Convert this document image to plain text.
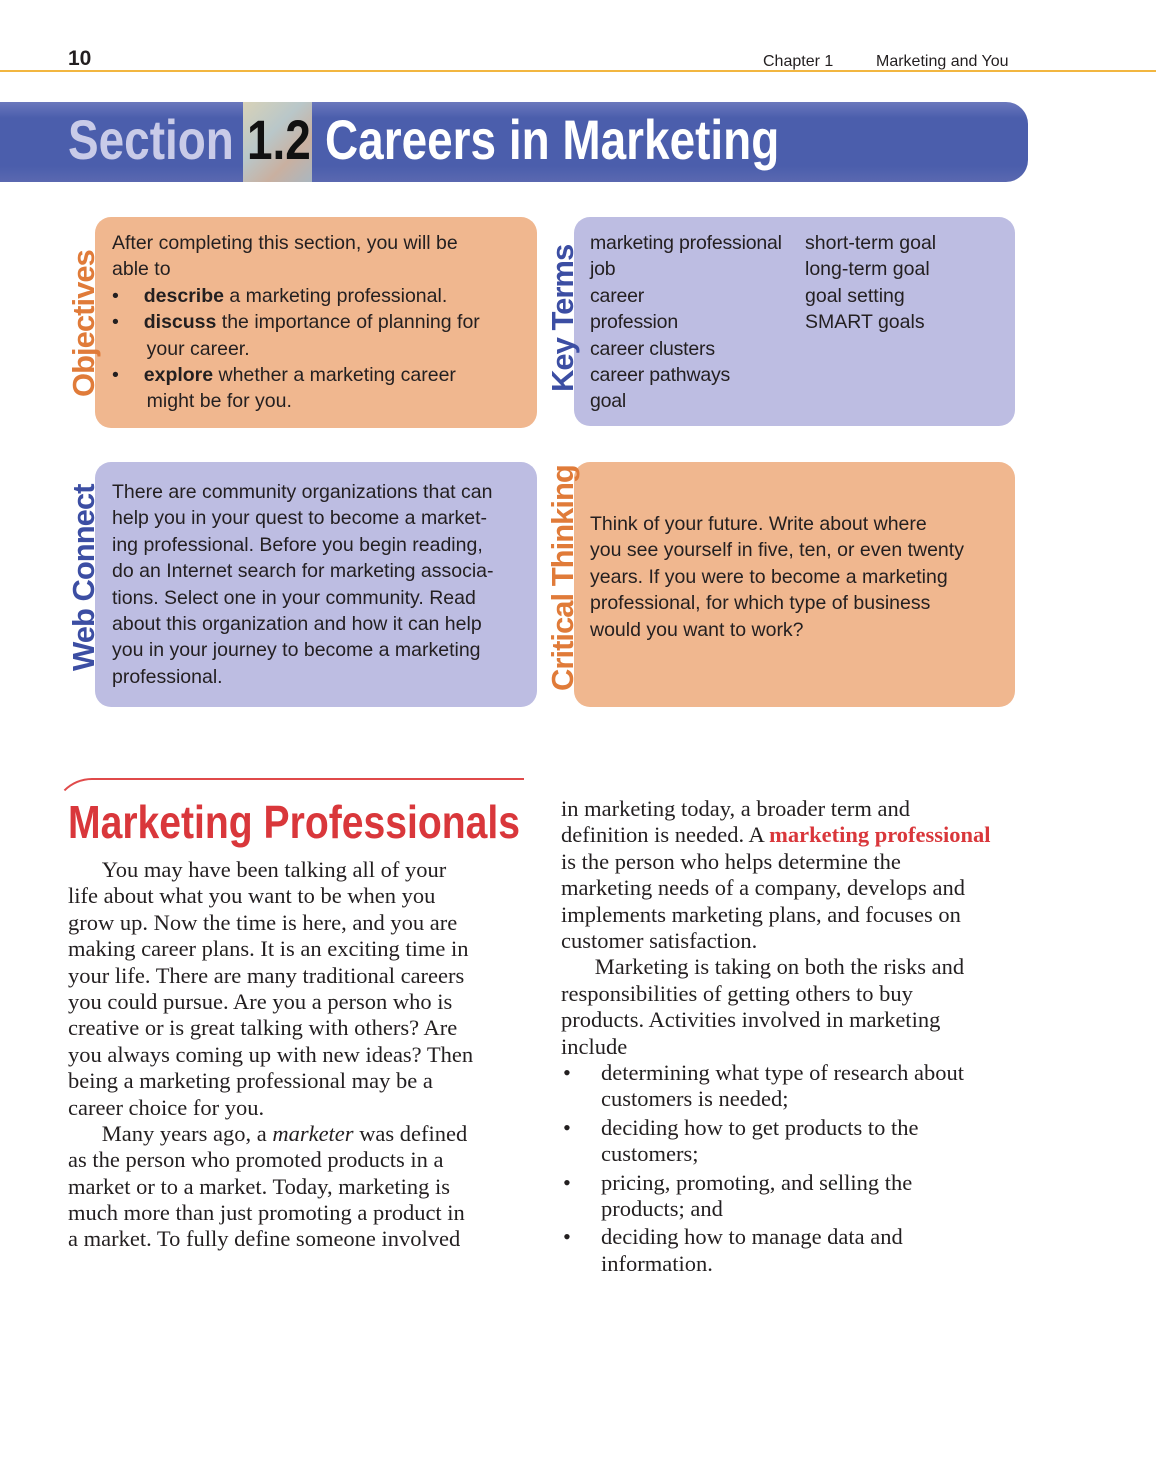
10	Chapter 1	Marketing and You
Section 1.2 Careers in Marketing
Objectives
After completing this section, you will be
able to
•  describe a marketing professional.
•  discuss the importance of planning for
   your career.
•  explore whether a marketing career
   might be for you.
Key Terms
marketing professional
job
career
profession
career clusters
career pathways
goal
short-term goal
long-term goal
goal setting
SMART goals
Web Connect There are community organizations that can
help you in your quest to become a market-
ing professional. Before you begin reading,
do an Internet search for marketing associa-
tions. Select one in your community. Read
about this organization and how it can help
you in your journey to become a marketing
professional.	Critical Thinking Think of your future. Write about where
you see yourself in five, ten, or even twenty
years. If you were to become a marketing
professional, for which type of business
would you want to work?
Marketing Professionals
  You may have been talking all of your
life about what you want to be when you
grow up. Now the time is here, and you are
making career plans. It is an exciting time in
your life. There are many traditional careers
you could pursue. Are you a person who is
creative or is great talking with others? Are
you always coming up with new ideas? Then
being a marketing professional may be a
career choice for you.
  Many years ago, a marketer was defined
as the person who promoted products in a
market or to a market. Today, marketing is
much more than just promoting a product in
a market. To fully define someone involved
in marketing today, a broader term and
definition is needed. A marketing professional
is the person who helps determine the
marketing needs of a company, develops and
implements marketing plans, and focuses on
customer satisfaction.
  Marketing is taking on both the risks and
responsibilities of getting others to buy
products. Activities involved in marketing
include
• determining what type of research about
customers is needed;
• deciding how to get products to the
customers;
• pricing, promoting, and selling the
products; and
• deciding how to manage data and
information.
